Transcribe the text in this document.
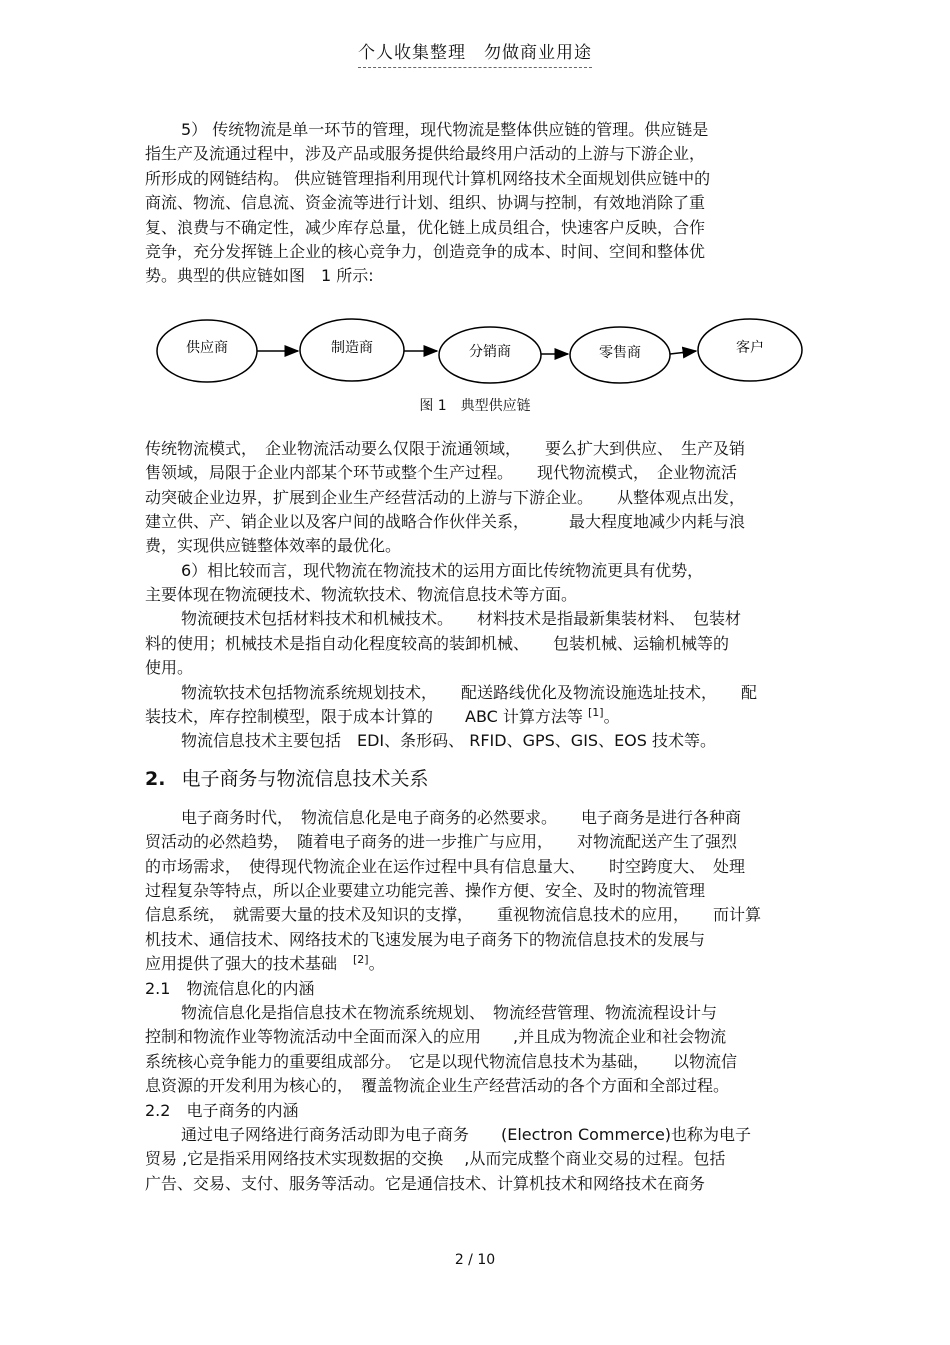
个人收集整理　勿做商业用途
5） 传统物流是单一环节的管理，现代物流是整体供应链的管理。供应链是
指生产及流通过程中，涉及产品或服务提供给最终用户活动的上游与下游企业，
所形成的网链结构。 供应链管理指利用现代计算机网络技术全面规划供应链中的
商流、物流、信息流、资金流等进行计划、组织、协调与控制，有效地消除了重
复、浪费与不确定性，减少库存总量，优化链上成员组合，快速客户反映，合作
竞争，充分发挥链上企业的核心竞争力，创造竞争的成本、时间、空间和整体优
势。典型的供应链如图　1 所示:
传统物流模式，　企业物流活动要么仅限于流通领域，　　要么扩大到供应、　生产及销
售领域，局限于企业内部某个环节或整个生产过程。　　现代物流模式，　企业物流活
动突破企业边界，扩展到企业生产经营活动的上游与下游企业。　　从整体观点出发，
建立供、产、销企业以及客户间的战略合作伙伴关系，　　　最大程度地减少内耗与浪
费，实现供应链整体效率的最优化。
6）相比较而言，现代物流在物流技术的运用方面比传统物流更具有优势，
主要体现在物流硬技术、物流软技术、物流信息技术等方面。
物流硬技术包括材料技术和机械技术。　　材料技术是指最新集装材料、　包装材
料的使用；机械技术是指自动化程度较高的装卸机械、　　包装机械、运输机械等的
使用。
物流软技术包括物流系统规划技术，　　配送路线优化及物流设施选址技术，　　配
装技术，库存控制模型，限于成本计算的　　ABC 计算方法等 [1]。
物流信息技术主要包括　EDI、条形码、 RFID、GPS、GIS、EOS 技术等。
2. 电子商务与物流信息技术关系
电子商务时代，　物流信息化是电子商务的必然要求。　　电子商务是进行各种商
贸活动的必然趋势，　随着电子商务的进一步推广与应用，　　对物流配送产生了强烈
的市场需求，　使得现代物流企业在运作过程中具有信息量大、　　时空跨度大、　处理
过程复杂等特点，所以企业要建立功能完善、操作方便、安全、及时的物流管理
信息系统，　就需要大量的技术及知识的支撑，　　重视物流信息技术的应用，　　而计算
机技术、通信技术、网络技术的飞速发展为电子商务下的物流信息技术的发展与
应用提供了强大的技术基础　[2]。
2.1 物流信息化的内涵
物流信息化是指信息技术在物流系统规划、　物流经营管理、物流流程设计与
控制和物流作业等物流活动中全面而深入的应用　　,并且成为物流企业和社会物流
系统核心竞争能力的重要组成部分。　它是以现代物流信息技术为基础，　　以物流信
息资源的开发利用为核心的，　覆盖物流企业生产经营活动的各个方面和全部过程。
2.2 电子商务的内涵
通过电子网络进行商务活动即为电子商务　　(Electron Commerce)也称为电子
贸易 ,它是指采用网络技术实现数据的交换　 ,从而完成整个商业交易的过程。包括
广告、交易、支付、服务等活动。它是通信技术、计算机技术和网络技术在商务
供应商	制造商	分销商	零售商	客户
图 1　典型供应链
2 / 10
